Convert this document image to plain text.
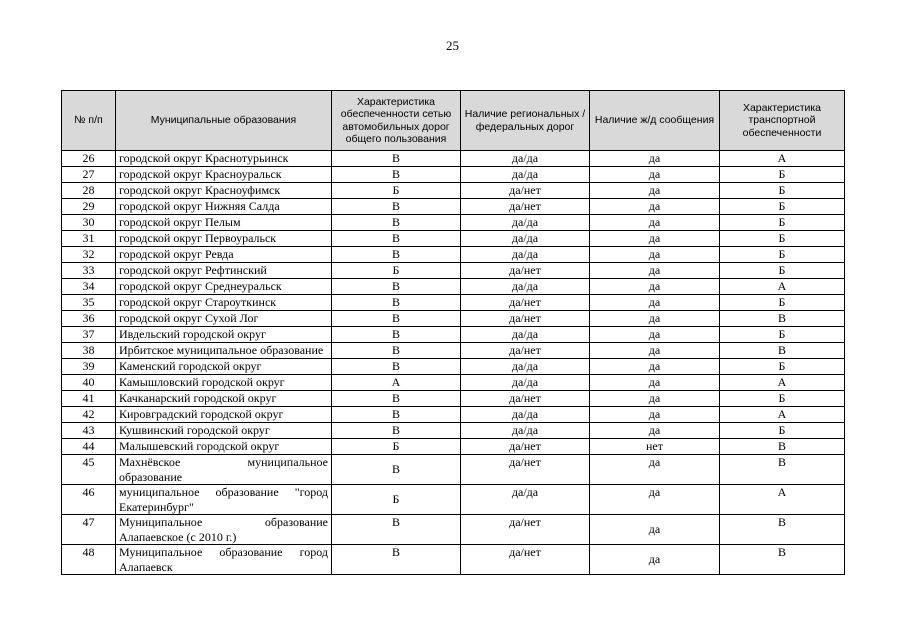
25
№ п/п	Муниципальные образования	Характеристика обеспеченности сетью автомобильных дорог общего пользования	Наличие региональных / федеральных дорог	Наличие ж/д сообщения	Характеристика транспортной обеспеченности
26	городской округ Краснотурьинск	В	да/да	да	А
27	городской округ Красноуральск	В	да/да	да	Б
28	городской округ Красноуфимск	Б	да/нет	да	Б
29	городской округ Нижняя Салда	В	да/нет	да	Б
30	городской округ Пелым	В	да/да	да	Б
31	городской округ Первоуральск	В	да/да	да	Б
32	городской округ Ревда	В	да/да	да	Б
33	городской округ Рефтинский	Б	да/нет	да	Б
34	городской округ Среднеуральск	В	да/да	да	А
35	городской округ Староуткинск	В	да/нет	да	Б
36	городской округ Сухой Лог	В	да/нет	да	В
37	Ивдельский городской округ	В	да/да	да	Б
38	Ирбитское муниципальное образование	В	да/нет	да	В
39	Каменский городской округ	В	да/да	да	Б
40	Камышловский городской округ	А	да/да	да	А
41	Качканарский городской округ	В	да/нет	да	Б
42	Кировградский городской округ	В	да/да	да	А
43	Кушвинский городской округ	В	да/да	да	Б
44	Малышевский городской округ	Б	да/нет	нет	В
45	Махнёвское муниципальное образование	В	да/нет	да	В
46	муниципальное образование "город Екатеринбург"	Б	да/да	да	А
47	Муниципальное образование Алапаевское (с 2010 г.)	В	да/нет	да	В
48	Муниципальное образование город Алапаевск	В	да/нет	да	В
